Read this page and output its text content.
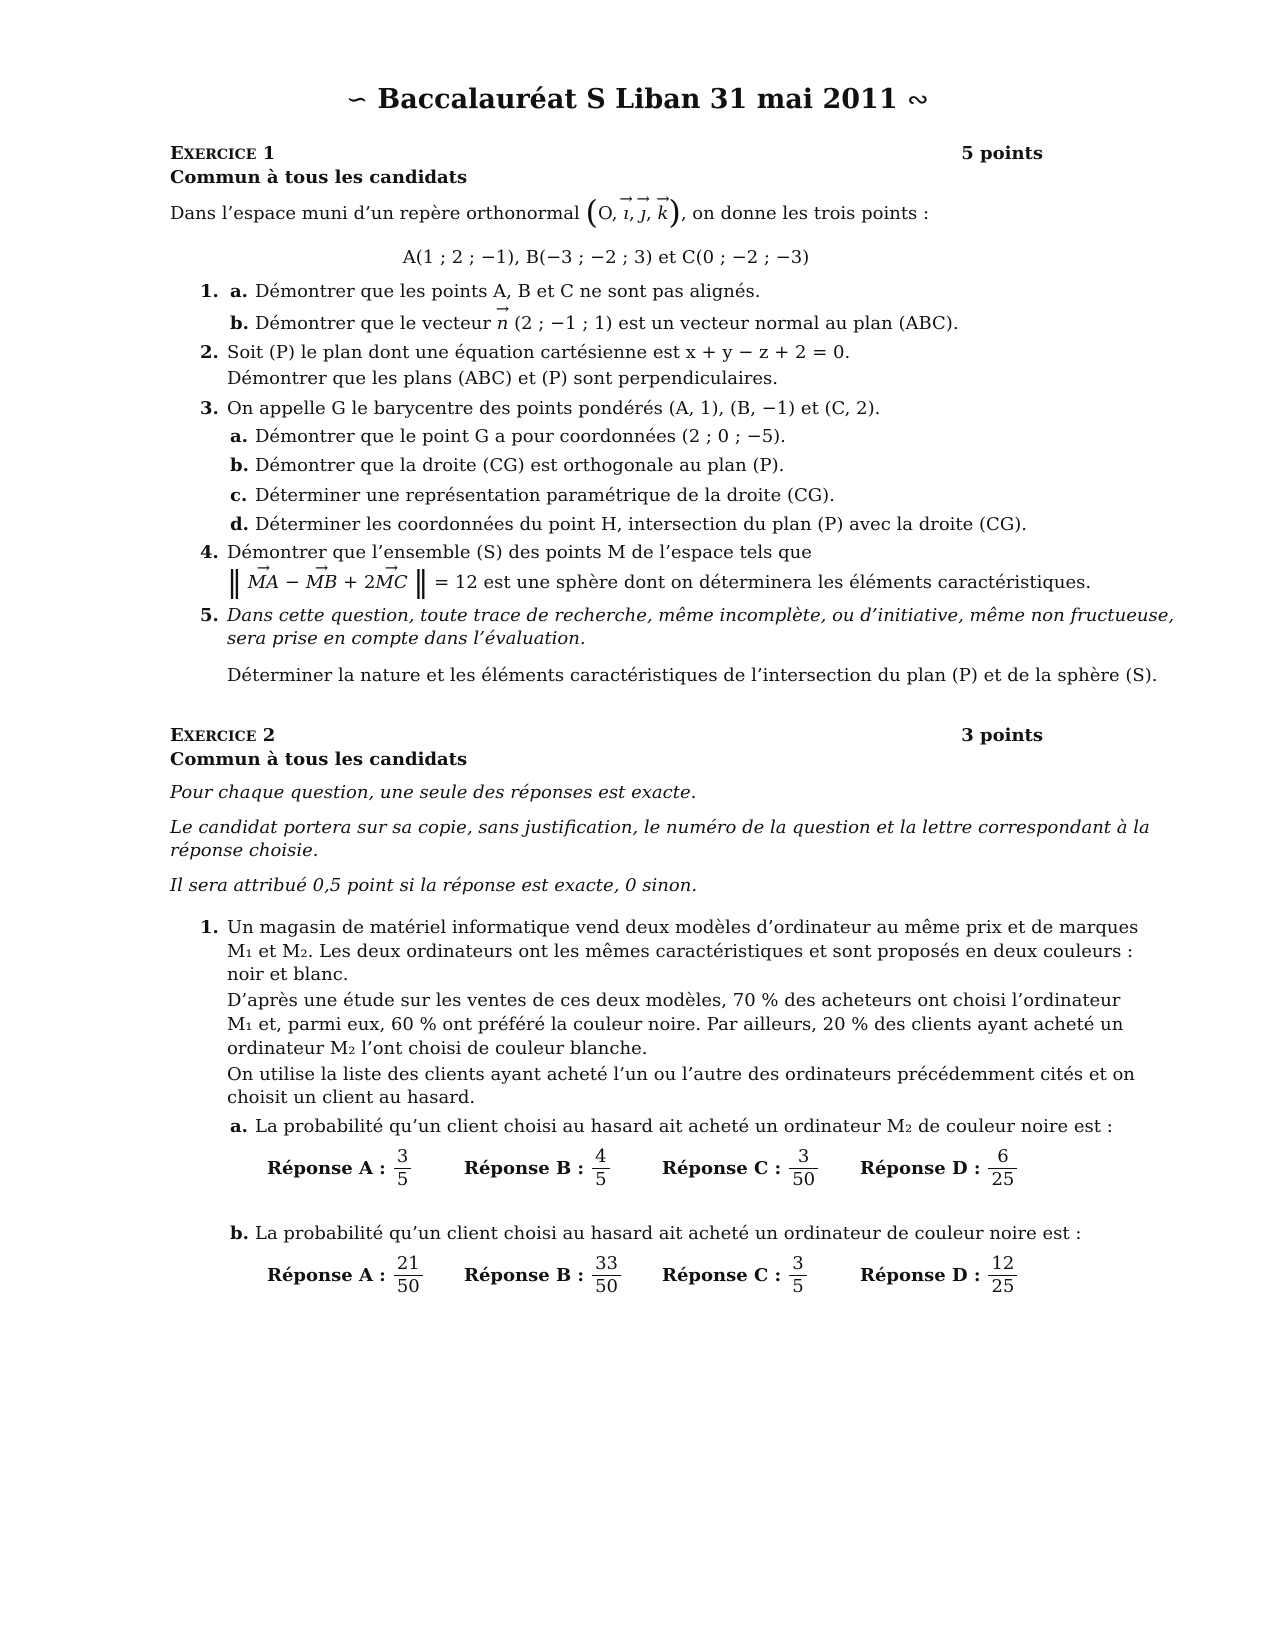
∽ Baccalauréat S Liban 31 mai 2011 ∾
EXERCICE 1	5 points
Commun à tous les candidats
Dans l’espace muni d’un repère orthonormal (O, → ı, → ȷ, → k), on donne les trois points :
A(1 ; 2 ; −1), B(−3 ; −2 ; 3) et C(0 ; −2 ; −3)
1. a. Démontrer que les points A, B et C ne sont pas alignés.
b. Démontrer que le vecteur → n (2 ; −1 ; 1) est un vecteur normal au plan (ABC).
2. Soit (P) le plan dont une équation cartésienne est x + y − z + 2 = 0.
Démontrer que les plans (ABC) et (P) sont perpendiculaires.
3. On appelle G le barycentre des points pondérés (A, 1), (B, −1) et (C, 2).
a. Démontrer que le point G a pour coordonnées (2 ; 0 ; −5).
b. Démontrer que la droite (CG) est orthogonale au plan (P).
c. Déterminer une représentation paramétrique de la droite (CG).
d. Déterminer les coordonnées du point H, intersection du plan (P) avec la droite (CG).
4. Démontrer que l’ensemble (S) des points M de l’espace tels que
‖ → MA − → MB + 2→ MC ‖ = 12 est une sphère dont on déterminera les éléments caractéristiques.
5. Dans cette question, toute trace de recherche, même incomplète, ou d’initiative, même non fructueuse,
sera prise en compte dans l’évaluation.
Déterminer la nature et les éléments caractéristiques de l’intersection du plan (P) et de la sphère (S).
EXERCICE 2	3 points
Commun à tous les candidats
Pour chaque question, une seule des réponses est exacte.
Le candidat portera sur sa copie, sans justification, le numéro de la question et la lettre correspondant à la
réponse choisie.
Il sera attribué 0,5 point si la réponse est exacte, 0 sinon.
1. Un magasin de matériel informatique vend deux modèles d’ordinateur au même prix et de marques
M₁ et M₂. Les deux ordinateurs ont les mêmes caractéristiques et sont proposés en deux couleurs :
noir et blanc.
D’après une étude sur les ventes de ces deux modèles, 70 % des acheteurs ont choisi l’ordinateur
M₁ et, parmi eux, 60 % ont préféré la couleur noire. Par ailleurs, 20 % des clients ayant acheté un
ordinateur M₂ l’ont choisi de couleur blanche.
On utilise la liste des clients ayant acheté l’un ou l’autre des ordinateurs précédemment cités et on
choisit un client au hasard.
a. La probabilité qu’un client choisi au hasard ait acheté un ordinateur M₂ de couleur noire est :
Réponse A : $\frac{3}{5}$	Réponse B : $\frac{4}{5}$	Réponse C : $\frac{3}{50}$ Réponse D : $\frac{6}{25}$
b. La probabilité qu’un client choisi au hasard ait acheté un ordinateur de couleur noire est :
Réponse A : $\frac{21}{50}$ Réponse B : $\frac{33}{50}$ Réponse C : $\frac{3}{5}$	Réponse D : $\frac{12}{25}$
